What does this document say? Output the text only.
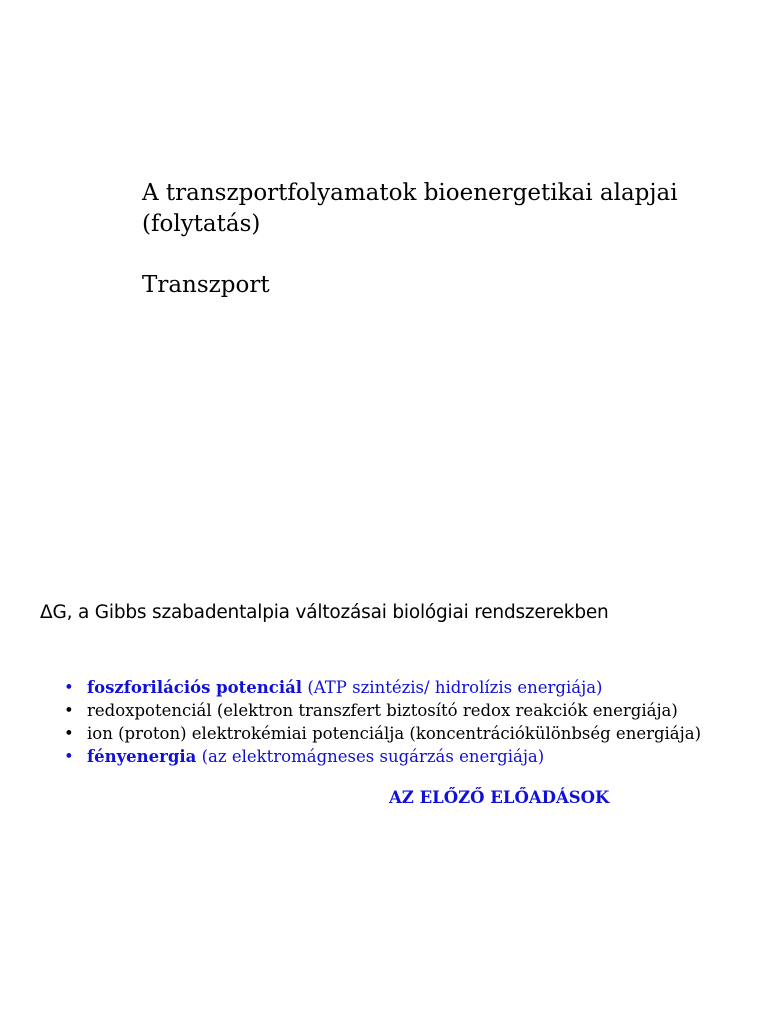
A transzportfolyamatok bioenergetikai alapjai
(folytatás)
Transzport

ΔG, a Gibbs szabadentalpia változásai biológiai rendszerekben

• foszforilációs potenciál (ATP szintézis/ hidrolízis energiája)
• redoxpotenciál (elektron transzfert biztosító redox reakciók energiája)
• ion (proton) elektrokémiai potenciálja (koncentrációkülönbség energiája)
• fényenergia (az elektromágneses sugárzás energiája)

AZ ELŐZŐ ELŐADÁSOK
